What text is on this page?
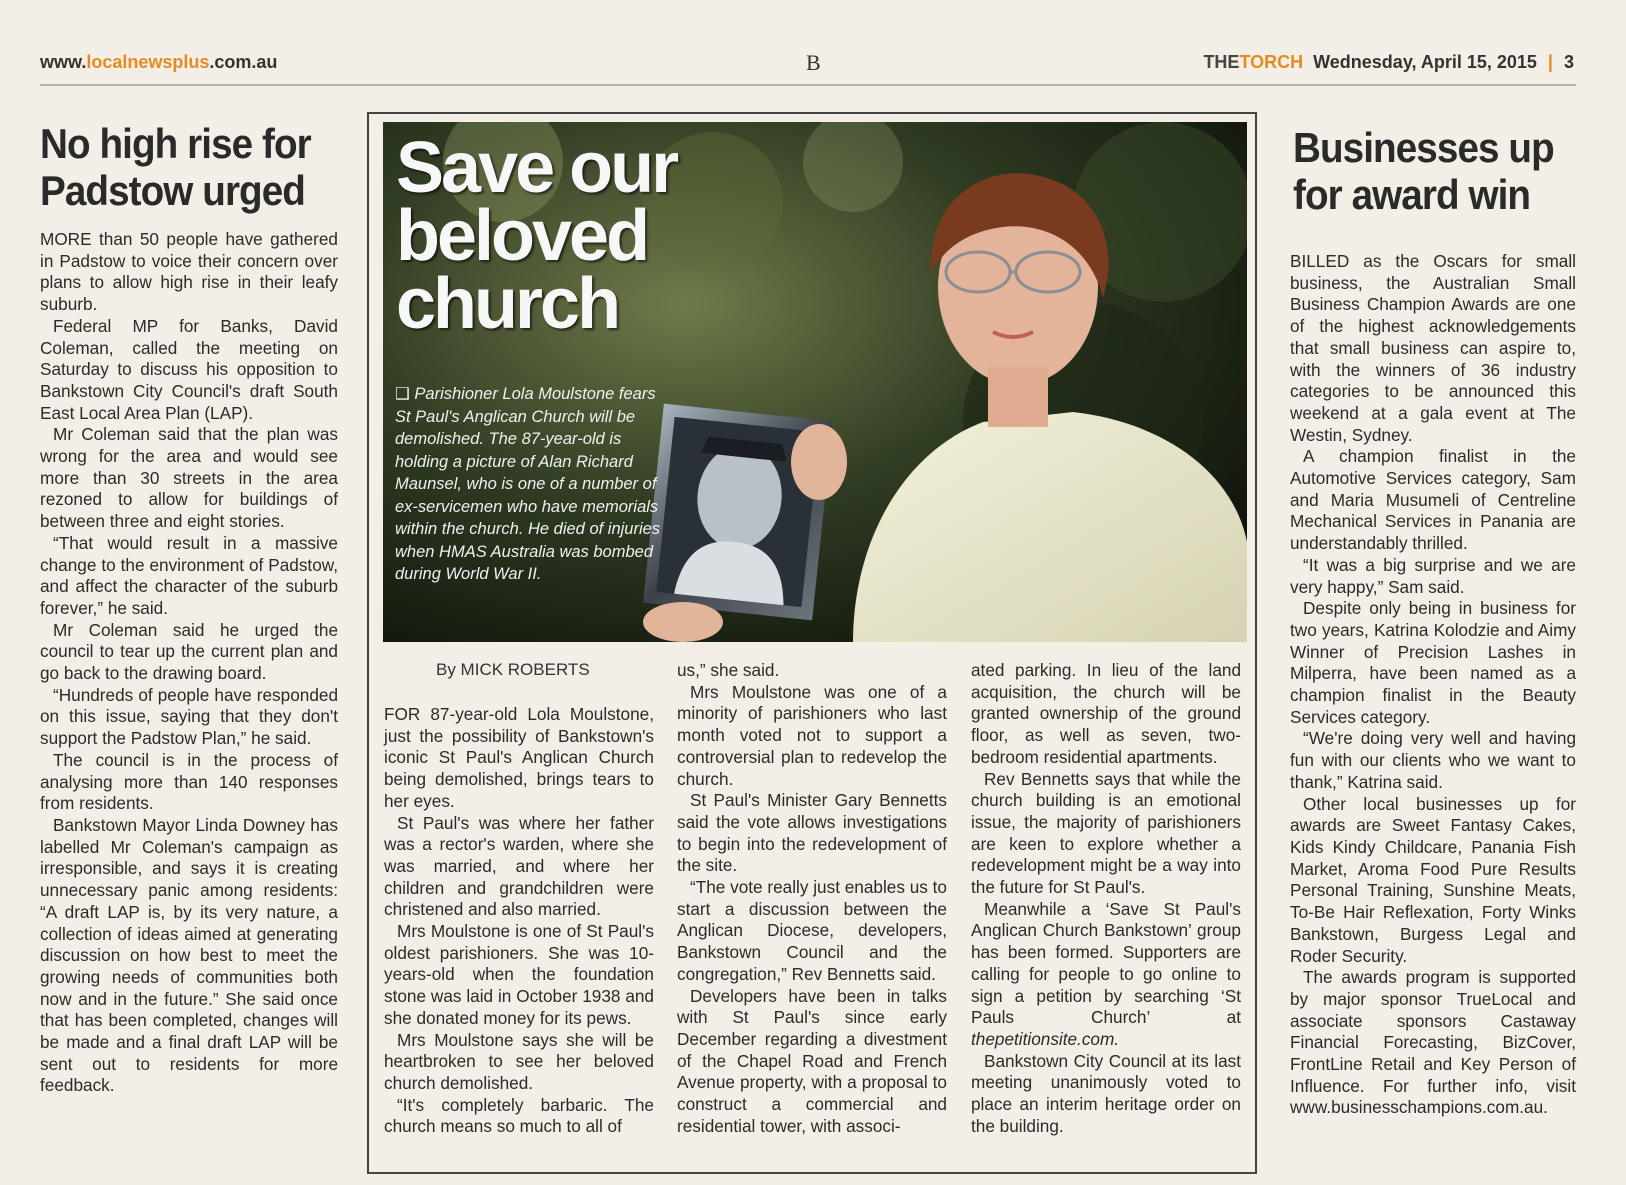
www.localnewsplus.com.au	B	THETORCH Wednesday, April 15, 2015 | 3
No high rise for Padstow urged

MORE than 50 people have gathered in Padstow to voice their concern over plans to allow high rise in their leafy suburb.

Federal MP for Banks, David Coleman, called the meeting on Saturday to discuss his opposition to Bankstown City Council's draft South East Local Area Plan (LAP).

Mr Coleman said that the plan was wrong for the area and would see more than 30 streets in the area rezoned to allow for buildings of between three and eight stories.

“That would result in a massive change to the environment of Padstow, and affect the character of the suburb forever,” he said.

Mr Coleman said he urged the council to tear up the current plan and go back to the drawing board.

“Hundreds of people have responded on this issue, saying that they don't support the Padstow Plan,” he said.

The council is in the process of analysing more than 140 responses from residents.

Bankstown Mayor Linda Downey has labelled Mr Coleman's campaign as irresponsible, and says it is creating unnecessary panic among residents: “A draft LAP is, by its very nature, a collection of ideas aimed at generating discussion on how best to meet the growing needs of communities both now and in the future.” She said once that has been completed, changes will be made and a final draft LAP will be sent out to residents for more feedback.

Save our beloved church
❑ Parishioner Lola Moulstone fears St Paul's Anglican Church will be demolished. The 87-year-old is holding a picture of Alan Richard Maunsel, who is one of a number of ex-servicemen who have memorials within the church. He died of injuries when HMAS Australia was bombed during World War II.
By MICK ROBERTS

FOR 87-year-old Lola Moulstone, just the possibility of Bankstown's iconic St Paul's Anglican Church being demolished, brings tears to her eyes.

St Paul's was where her father was a rector's warden, where she was married, and where her children and grandchildren were christened and also married.

Mrs Moulstone is one of St Paul's oldest parishioners. She was 10-years-old when the foundation stone was laid in October 1938 and she donated money for its pews.

Mrs Moulstone says she will be heartbroken to see her beloved church demolished.

“It's completely barbaric. The church means so much to all of

us,” she said.

Mrs Moulstone was one of a minority of parishioners who last month voted not to support a controversial plan to redevelop the church.

St Paul's Minister Gary Bennetts said the vote allows investigations to begin into the redevelopment of the site.

“The vote really just enables us to start a discussion between the Anglican Diocese, developers, Bankstown Council and the congregation,” Rev Bennetts said.

Developers have been in talks with St Paul's since early December regarding a divestment of the Chapel Road and French Avenue property, with a proposal to construct a commercial and residential tower, with associ-

ated parking. In lieu of the land acquisition, the church will be granted ownership of the ground floor, as well as seven, two-bedroom residential apartments.

Rev Bennetts says that while the church building is an emotional issue, the majority of parishioners are keen to explore whether a redevelopment might be a way into the future for St Paul's.

Meanwhile a ‘Save St Paul's Anglican Church Bankstown’ group has been formed. Supporters are calling for people to go online to sign a petition by searching ‘St Pauls Church’ at thepetitionsite.com.

Bankstown City Council at its last meeting unanimously voted to place an interim heritage order on the building.

Businesses up for award win

BILLED as the Oscars for small business, the Australian Small Business Champion Awards are one of the highest acknowledgements that small business can aspire to, with the winners of 36 industry categories to be announced this weekend at a gala event at The Westin, Sydney.

A champion finalist in the Automotive Services category, Sam and Maria Musumeli of Centreline Mechanical Services in Panania are understandably thrilled.

“It was a big surprise and we are very happy,” Sam said.

Despite only being in business for two years, Katrina Kolodzie and Aimy Winner of Precision Lashes in Milperra, have been named as a champion finalist in the Beauty Services category.

“We're doing very well and having fun with our clients who we want to thank,” Katrina said.

Other local businesses up for awards are Sweet Fantasy Cakes, Kids Kindy Childcare, Panania Fish Market, Aroma Food Pure Results Personal Training, Sunshine Meats, To-Be Hair Reflexation, Forty Winks Bankstown, Burgess Legal and Roder Security.

The awards program is supported by major sponsor TrueLocal and associate sponsors Castaway Financial Forecasting, BizCover, FrontLine Retail and Key Person of Influence. For further info, visit www.businesschampions.com.au.
